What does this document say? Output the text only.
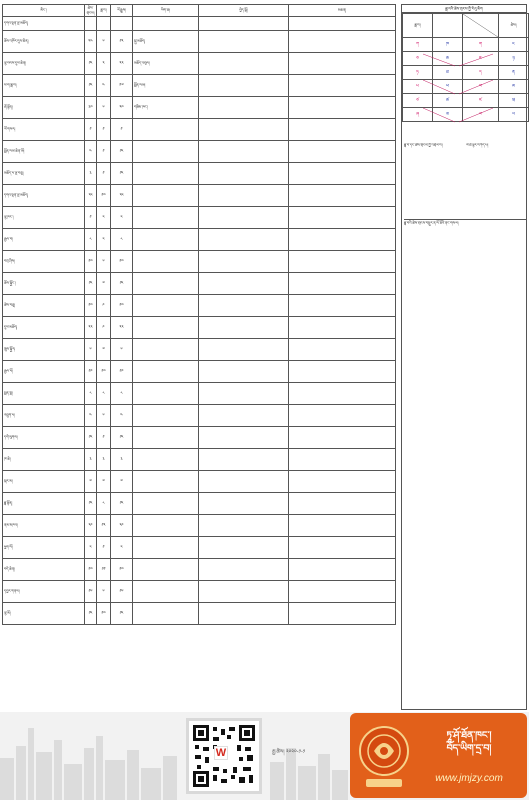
མིང་།	ཚེས་གྲངས།	ཟླ་བ།	ལོ་རྒྱུས།	ཡིག་ཆ།	བྱེད་སྒོ།	མཆན།
དགའ་ལྡན་ལྔ་མཆོད།						
ཆོས་འཁོར་དུས་ཆེན།	༢༤	༦	༡༢	སྐུ་མཆོད།		
ལྷ་བབས་དུས་ཆེན།	༡༥	༢	༢༢	མཆོད་འབུལ།		
ས་ག་ཟླ་བ།	༡༥	༤	༡༧	སྨོན་ལམ།		
ཞོ་སྟོན།	༣༠	༦	༢༠	གཟིམ་ཁང་།		
ལོ་གསར།	༡	༡	༡			
སྨོན་ལམ་ཆེན་མོ།	༤	༡	༡༥			
མཆོད་པ་ལྔ་བཅུ།	༣	༡	༡༥			
དགའ་ལྡན་ལྔ་མཆོད།	༢༥	༡༠	༢༥			
ལྷ་ཁང་།	༡	༥	༥			
རྒྱལ་བ།	༨	༥	༨			
བཀྲ་ཤིས།	༡༠	༦	༡༠			
ཆོས་སྐྱོང་།	༡༥	༧	༡༥			
ཚེས་བཅུ།	༡༠	༩	༡༠			
དུས་མཆོད།	༢༢	༩	༢༢			
ཁྲུས་སྐྱོར།	༦	༧	༦			
རྒྱལ་པོ།	༡༩	༡༠	༡༩			
སྨན་བླ།	༨	༨	༨			
འབྲུག་པ།	༤	༦	༤			
དགེ་ལུགས།	༡༥	༡	༡༥			
ཁ་ཆེ།	༣	༣	༣			
སྐར་མ།	༧	༧	༧			
ཟླ་སྟོན།	༡༥	༨	༡༥			
ནམ་མཁའ།	༢༩	༡༢	༢༩			
ཕྱག་ལོ།	༥	༡	༥			
བདེ་ཆེན།	༡༠	༡༡	༡༠			
དབྱར་གནས།	༡༦	༦	༡༦			
ལྷ་མོ།	༡༥	༡༠	༡༥			
ཟླ་བའི་ཚེས་གྲངས་ཀྱི་རེའུ་མིག
ཟླ་བ།			ཚེས།
ཀ	ཁ	ག	ང
ཅ	ཆ	ཇ	ཉ
ཏ	ཐ	ད	ན
པ	ཕ	བ	མ
ཙ	ཚ	ཛ	ཝ
ཞ	ཟ	འ	ཡ
ཟླ་བ་དང་ཚེས་གྲངས་ཀྱི་འབྲེལ་བ།	ལོ་ཐོ་ལྟར་བཀོད་པ།
ཟླ་བའི་ཚེས་གྲངས་བསྡུར་ན་ལོ་ཐོའི་ནང་གསལ།
W	རྒྱ་ཚེས། ༢༠༢༠-༡-༡
ཏཱ་ཤོ་ཐོན་ཁང་།
བོད་ཡིག་དྲ་བ།
www.jmjzy.com
